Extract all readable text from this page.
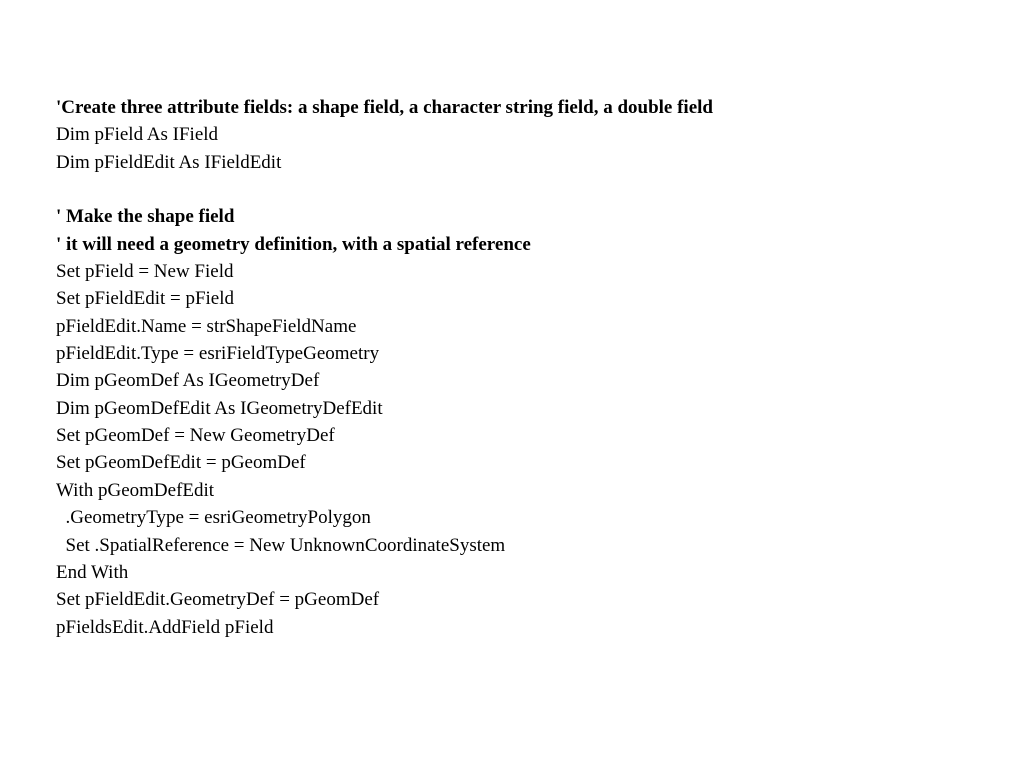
'Create three attribute fields: a shape field, a character string field, a double field
Dim pField As IField
Dim pFieldEdit As IFieldEdit
' Make the shape field
' it will need a geometry definition, with a spatial reference
Set pField = New Field
Set pFieldEdit = pField
pFieldEdit.Name = strShapeFieldName
pFieldEdit.Type = esriFieldTypeGeometry
Dim pGeomDef As IGeometryDef
Dim pGeomDefEdit As IGeometryDefEdit
Set pGeomDef = New GeometryDef
Set pGeomDefEdit = pGeomDef
With pGeomDefEdit
.GeometryType = esriGeometryPolygon
Set .SpatialReference = New UnknownCoordinateSystem
End With
Set pFieldEdit.GeometryDef = pGeomDef
pFieldsEdit.AddField pField
